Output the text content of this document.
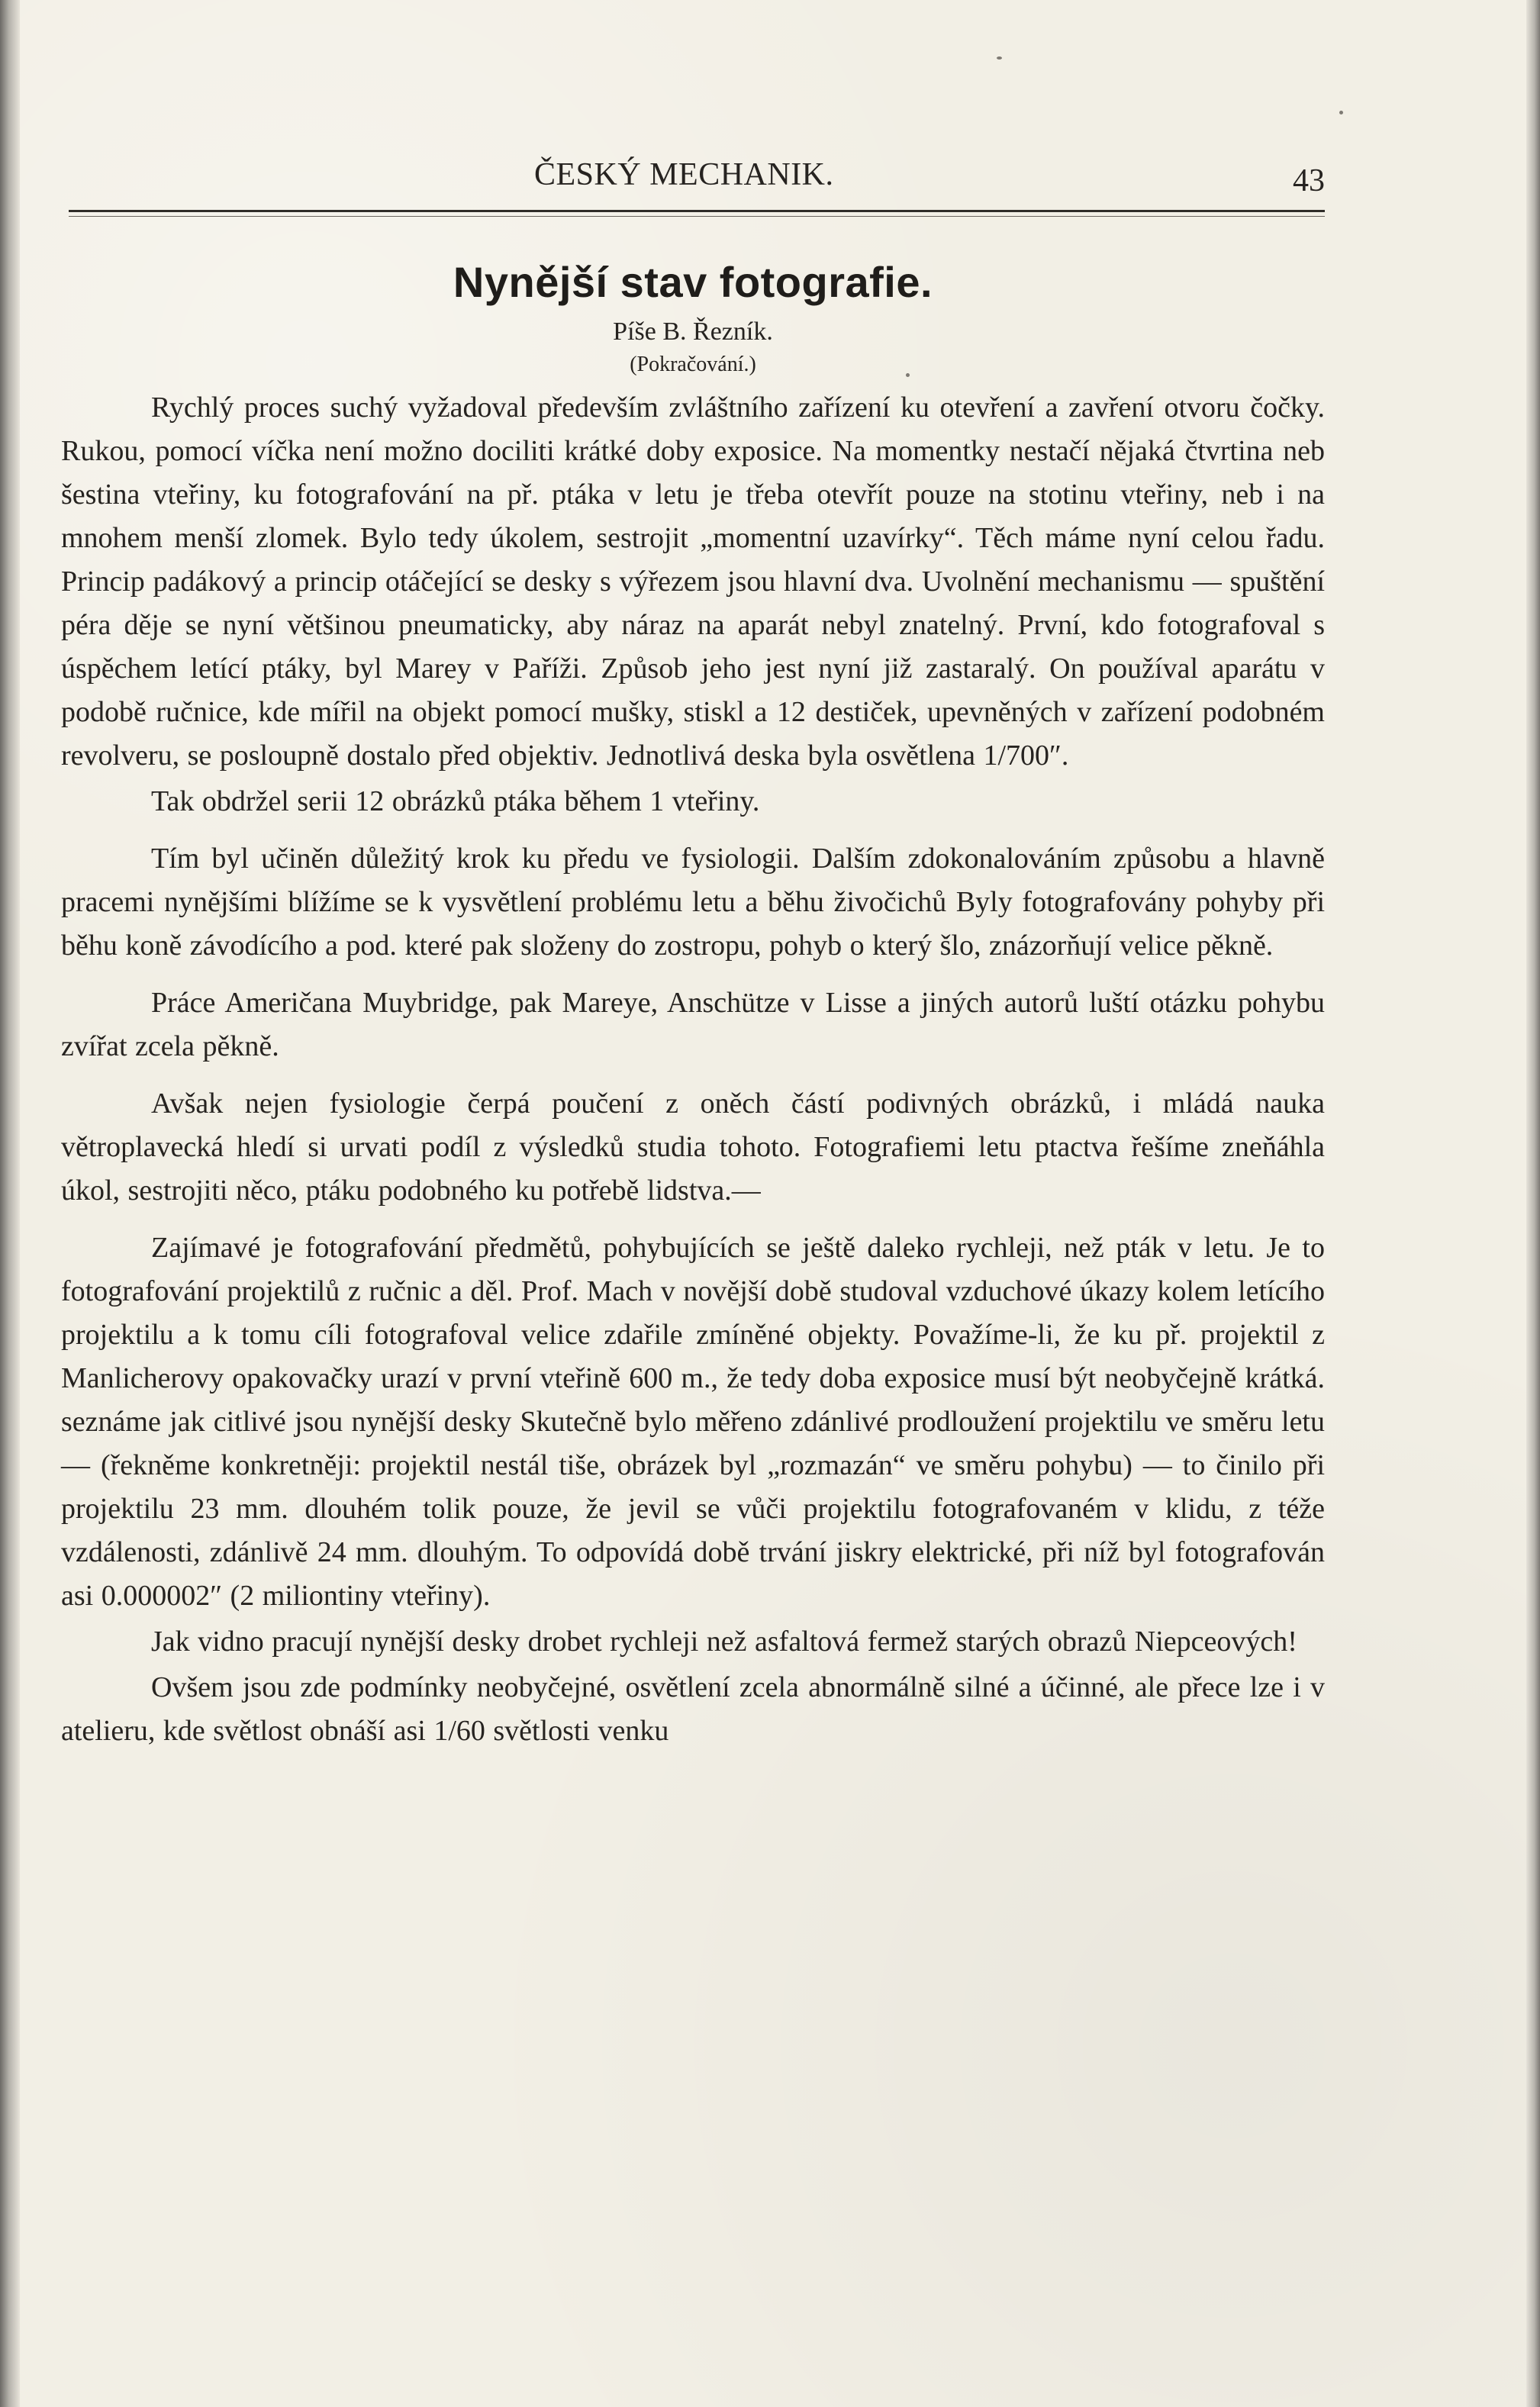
ČESKÝ MECHANIK.	43
Nynější stav fotografie.
Píše B. Řezník.
(Pokračování.)

Rychlý proces suchý vyžadoval především zvláštního zařízení ku otevření a zavření otvoru čočky. Rukou, pomocí víčka není možno dociliti krátké doby exposice. Na momentky nestačí nějaká čtvrtina neb šestina vteřiny, ku fotografování na př. ptáka v letu je třeba otevřít pouze na stotinu vteřiny, neb i na mnohem menší zlomek. Bylo tedy úkolem, sestrojit „momentní uzavírky“. Těch máme nyní celou řadu. Princip padákový a princip otáčející se desky s výřezem jsou hlavní dva. Uvolnění mechanismu — spuštění péra děje se nyní většinou pneumaticky, aby náraz na aparát nebyl znatelný. První, kdo fotografoval s úspěchem letící ptáky, byl Marey v Paříži. Způsob jeho jest nyní již zastaralý. On používal aparátu v podobě ručnice, kde mířil na objekt pomocí mušky, stiskl a 12 destiček, upevněných v zařízení podobném revolveru, se posloupně dostalo před objektiv. Jednotlivá deska byla osvětlena 1/700″.

Tak obdržel serii 12 obrázků ptáka během 1 vteřiny.

Tím byl učiněn důležitý krok ku předu ve fysiologii. Dalším zdokonalováním způsobu a hlavně pracemi nynějšími blížíme se k vysvětlení problému letu a běhu živočichů Byly fotografovány pohyby při běhu koně závodícího a pod. které pak složeny do zostropu, pohyb o který šlo, znázorňují velice pěkně.

Práce Američana Muybridge, pak Mareye, Anschütze v Lisse a jiných autorů luští otázku pohybu zvířat zcela pěkně.

Avšak nejen fysiologie čerpá poučení z oněch částí podivných obrázků, i mládá nauka větroplavecká hledí si urvati podíl z výsledků studia tohoto. Fotografiemi letu ptactva řešíme zneňáhla úkol, sestrojiti něco, ptáku podobného ku potřebě lidstva.—

Zajímavé je fotografování předmětů, pohybujících se ještě daleko rychleji, než pták v letu. Je to fotografování projektilů z ručnic a děl. Prof. Mach v novější době studoval vzduchové úkazy kolem letícího projektilu a k tomu cíli fotografoval velice zdařile zmíněné objekty. Považíme-li, že ku př. projektil z Manlicherovy opakovačky urazí v první vteřině 600 m., že tedy doba exposice musí být neobyčejně krátká. seznáme jak citlivé jsou nynější desky Skutečně bylo měřeno zdánlivé prodloužení projektilu ve směru letu — (řekněme konkretněji: projektil nestál tiše, obrázek byl „rozmazán“ ve směru pohybu) — to činilo při projektilu 23 mm. dlouhém tolik pouze, že jevil se vůči projektilu fotografovaném v klidu, z téže vzdálenosti, zdánlivě 24 mm. dlouhým. To odpovídá době trvání jiskry elektrické, při níž byl fotografován asi 0.000002″ (2 miliontiny vteřiny).

Jak vidno pracují nynější desky drobet rychleji než asfaltová fermež starých obrazů Niepceových!

Ovšem jsou zde podmínky neobyčejné, osvětlení zcela abnormálně silné a účinné, ale přece lze i v atelieru, kde světlost obnáší asi 1/60 světlosti venku
